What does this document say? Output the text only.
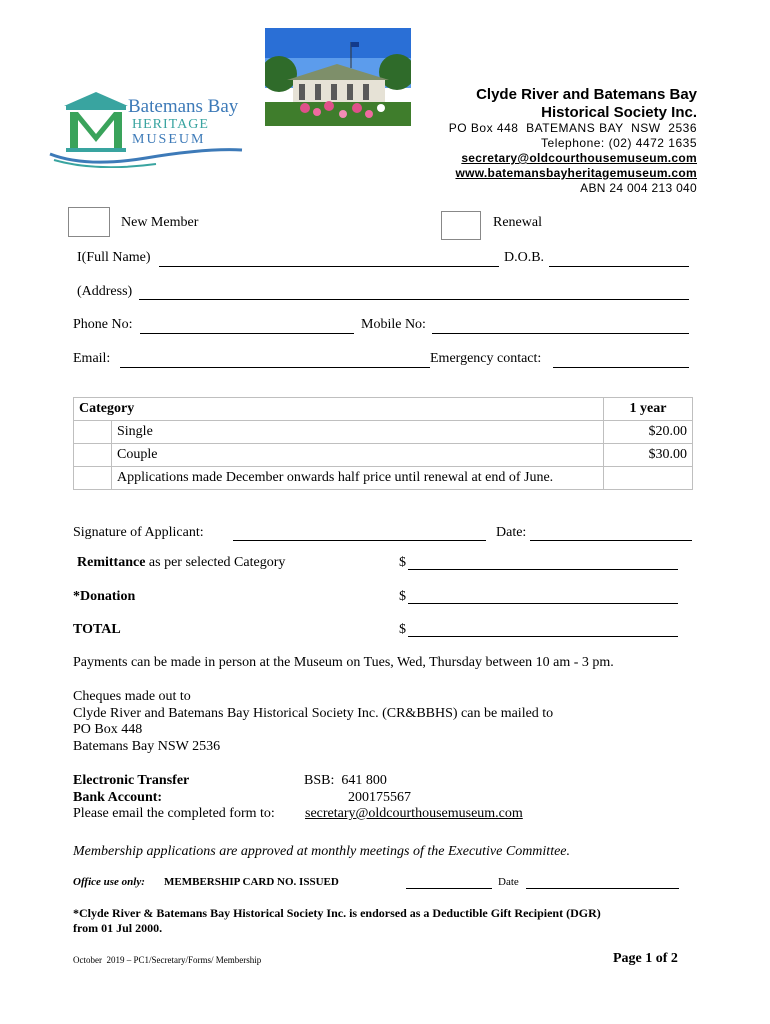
Batemans Bay
HERITAGE
MUSEUM
Clyde River and Batemans Bay
Historical Society Inc.
PO Box 448  BATEMANS BAY  NSW  2536
Telephone: (02) 4472 1635
secretary@oldcourthousemuseum.com
www.batemansbayheritagemuseum.com
ABN 24 004 213 040
New Member	Renewal
I(Full Name)	D.O.B.
(Address)
Phone No:	Mobile No:
Email:	Emergency contact:
Category		1 year
	Single	$20.00
	Couple	$30.00
	Applications made December onwards half price until renewal at end of June.	
Signature of Applicant:	Date:
Remittance as per selected Category	$
*Donation	$
TOTAL	$
Payments can be made in person at the Museum on Tues, Wed, Thursday between 10 am - 3 pm.
Cheques made out to
Clyde River and Batemans Bay Historical Society Inc. (CR&BBHS) can be mailed to
PO Box 448
Batemans Bay NSW 2536
Electronic Transfer	BSB:  641 800
Bank Account:	200175567
Please email the completed form to: secretary@oldcourthousemuseum.com
Membership applications are approved at monthly meetings of the Executive Committee.
Office use only: MEMBERSHIP CARD NO. ISSUED	Date
*Clyde River & Batemans Bay Historical Society Inc. is endorsed as a Deductible Gift Recipient (DGR)
from 01 Jul 2000.
October  2019 – PC1/Secretary/Forms/ Membership	Page 1 of 2
